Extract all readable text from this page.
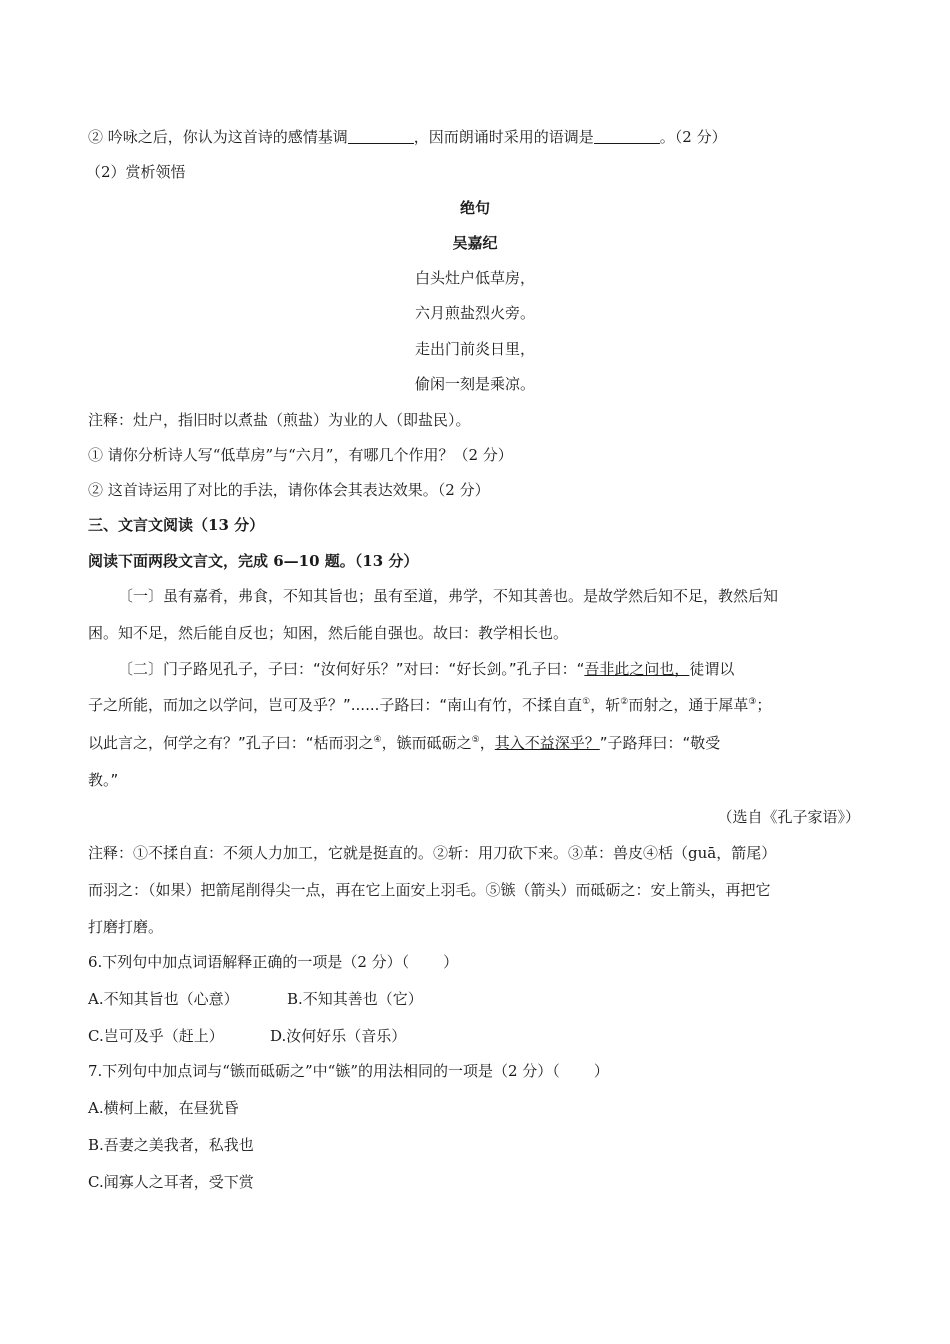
② 吟咏之后，你认为这首诗的感情基调	，因而朗诵时采用的语调是	。（2 分）
（2）赏析领悟
绝句
吴嘉纪
白头灶户低草房，
六月煎盐烈火旁。
走出门前炎日里，
偷闲一刻是乘凉。
注释：灶户，指旧时以煮盐（煎盐）为业的人（即盐民）。
① 请你分析诗人写“低草房”与“六月”，有哪几个作用？（2 分）
② 这首诗运用了对比的手法，请你体会其表达效果。（2 分）
三、文言文阅读（13 分）
阅读下面两段文言文，完成 6—10 题。（13 分）
〔一〕虽有嘉肴，弗食，不知其旨也；虽有至道，弗学，不知其善也。是故学然后知不足，教然后知
困。知不足，然后能自反也；知困，然后能自强也。故曰：教学相长也。
〔二〕门子路见孔子，子曰：“汝何好乐？”对曰：“好长剑。”孔子曰：“吾非此之问也，徒谓以
子之所能，而加之以学问，岂可及乎？”......子路曰：“南山有竹，不揉自直①，斩②而射之，通于犀革③；
以此言之，何学之有？”孔子曰：“栝而羽之④，镞而砥砺之⑤，其入不益深乎？”子路拜曰：“敬受
教。”
（选自《孔子家语》）
注释：①不揉自直：不须人力加工，它就是挺直的。②斩：用刀砍下来。③革：兽皮④栝（guā，箭尾）
而羽之：（如果）把箭尾削得尖一点，再在它上面安上羽毛。⑤镞（箭头）而砥砺之：安上箭头，再把它
打磨打磨。
6.下列句中加点词语解释正确的一项是（2 分）（ ）
A.不知其旨也（心意）	B.不知其善也（它）
C.岂可及乎（赶上）	D.汝何好乐（音乐）
7.下列句中加点词与“镞而砥砺之”中“镞”的用法相同的一项是（2 分）（ ）
A.横柯上蔽，在昼犹昏
B.吾妻之美我者，私我也
C.闻寡人之耳者，受下赏
